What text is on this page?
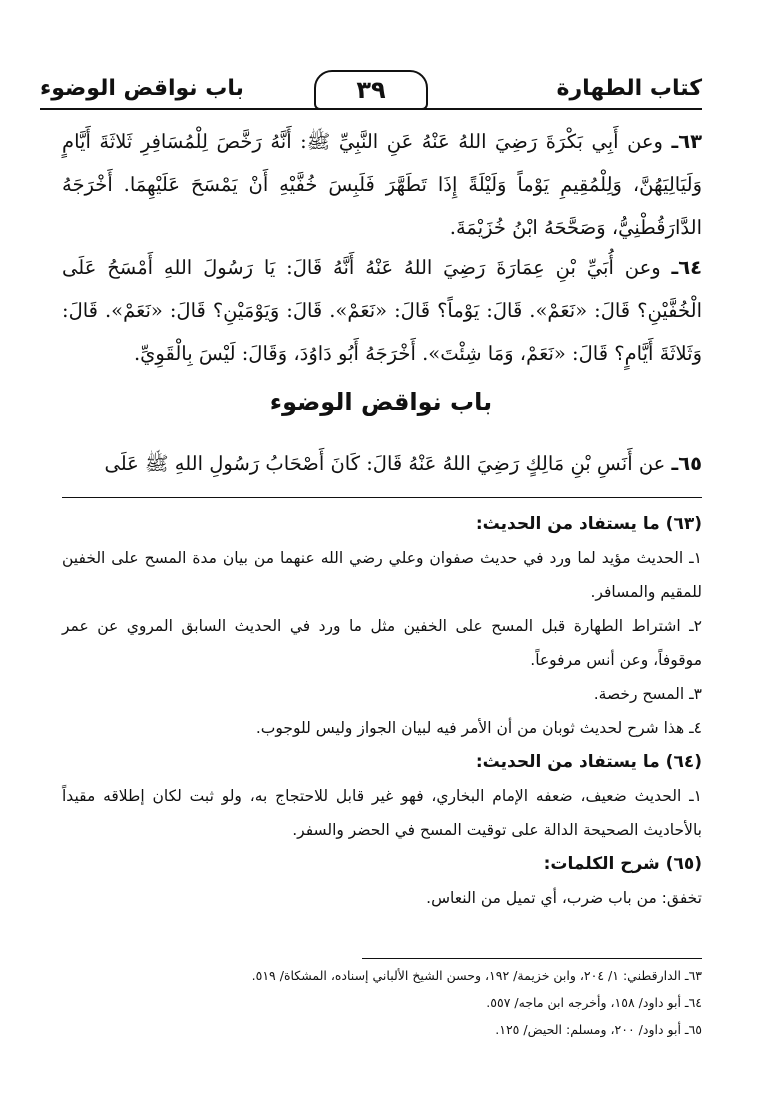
كتاب الطهارة
٣٩
باب نواقض الوضوء
٦٣ـ وعن أَبِي بَكْرَةَ رَضِيَ اللهُ عَنْهُ عَنِ النَّبِيِّ ﷺ: أَنَّهُ رَخَّصَ لِلْمُسَافِرِ ثَلاثَةَ أَيَّامٍ وَلَيَالِيَهُنَّ، وَلِلْمُقِيمِ يَوْماً وَلَيْلَةً إِذَا تَطَهَّرَ فَلَبِسَ خُفَّيْهِ أَنْ يَمْسَحَ عَلَيْهِمَا. أَخْرَجَهُ الدَّارَقُطْنِيُّ، وَصَحَّحَهُ ابْنُ خُزَيْمَةَ.
٦٤ـ وعن أُبَيِّ بْنِ عِمَارَةَ رَضِيَ اللهُ عَنْهُ أَنَّهُ قَالَ: يَا رَسُولَ اللهِ أَمْسَحُ عَلَى الْخُفَّيْنِ؟ قَالَ: «نَعَمْ». قَالَ: يَوْماً؟ قَالَ: «نَعَمْ». قَالَ: وَيَوْمَيْنِ؟ قَالَ: «نَعَمْ». قَالَ: وَثَلاثَةَ أَيَّامٍ؟ قَالَ: «نَعَمْ، وَمَا شِئْتَ». أَخْرَجَهُ أَبُو دَاوُدَ، وَقَالَ: لَيْسَ بِالْقَوِيِّ.
باب نواقض الوضوء
٦٥ـ عن أَنَسِ بْنِ مَالِكٍ رَضِيَ اللهُ عَنْهُ قَالَ: كَانَ أَصْحَابُ رَسُولِ اللهِ ﷺ عَلَى
(٦٣) ما يستفاد من الحديث:
١ـ الحديث مؤيد لما ورد في حديث صفوان وعلي رضي الله عنهما من بيان مدة المسح على الخفين للمقيم والمسافر.
٢ـ اشتراط الطهارة قبل المسح على الخفين مثل ما ورد في الحديث السابق المروي عن عمر موقوفاً، وعن أنس مرفوعاً.
٣ـ المسح رخصة.
٤ـ هذا شرح لحديث ثوبان من أن الأمر فيه لبيان الجواز وليس للوجوب.
(٦٤) ما يستفاد من الحديث:
١ـ الحديث ضعيف، ضعفه الإمام البخاري، فهو غير قابل للاحتجاج به، ولو ثبت لكان إطلاقه مقيداً بالأحاديث الصحيحة الدالة على توقيت المسح في الحضر والسفر.
(٦٥) شرح الكلمات:
تخفق: من باب ضرب، أي تميل من النعاس.
٦٣ـ الدارقطني: ١/ ٢٠٤، وابن خزيمة/ ١٩٢، وحسن الشيخ الألباني إسناده، المشكاة/ ٥١٩.
٦٤ـ أبو داود/ ١٥٨، وأخرجه ابن ماجه/ ٥٥٧.
٦٥ـ أبو داود/ ٢٠٠، ومسلم: الحيض/ ١٢٥.
